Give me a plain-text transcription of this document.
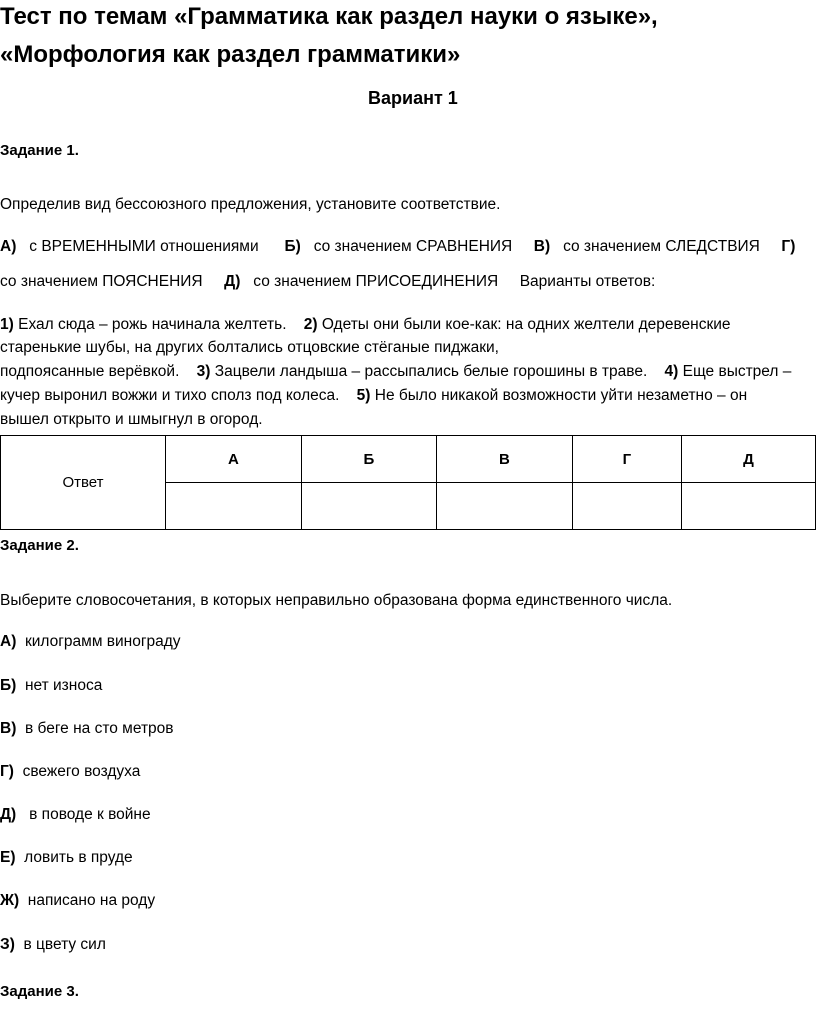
Тест по темам «Грамматика как раздел науки о языке»,
«Морфология как раздел грамматики»
Вариант 1
Задание 1.
Определив вид бессоюзного предложения, установите соответствие.
А) с ВРЕМЕННЫМИ отношениями Б) со значением СРАВНЕНИЯ В) со значением СЛЕДСТВИЯ Г)
со значением ПОЯСНЕНИЯ Д) со значением ПРИСОЕДИНЕНИЯ Варианты ответов:
1) Ехал сюда – рожь начинала желтеть. 2) Одеты они были кое-как: на одних желтели деревенские
старенькие шубы, на других болтались отцовские стёганые пиджаки,
подпоясанные верёвкой. 3) Зацвели ландыша – рассыпались белые горошины в траве. 4) Еще выстрел –
кучер выронил вожжи и тихо сполз под колеса. 5) Не было никакой возможности уйти незаметно – он
вышел открыто и шмыгнул в огород.
Ответ	А	Б	В	Г	Д

Задание 2.
Выберите словосочетания, в которых неправильно образована форма единственного числа.
А) килограмм винограду
Б) нет износа
В) в беге на сто метров
Г) свежего воздуха
Д) в поводе к войне
Е) ловить в пруде
Ж) написано на роду
З) в цвету сил
Задание 3.
